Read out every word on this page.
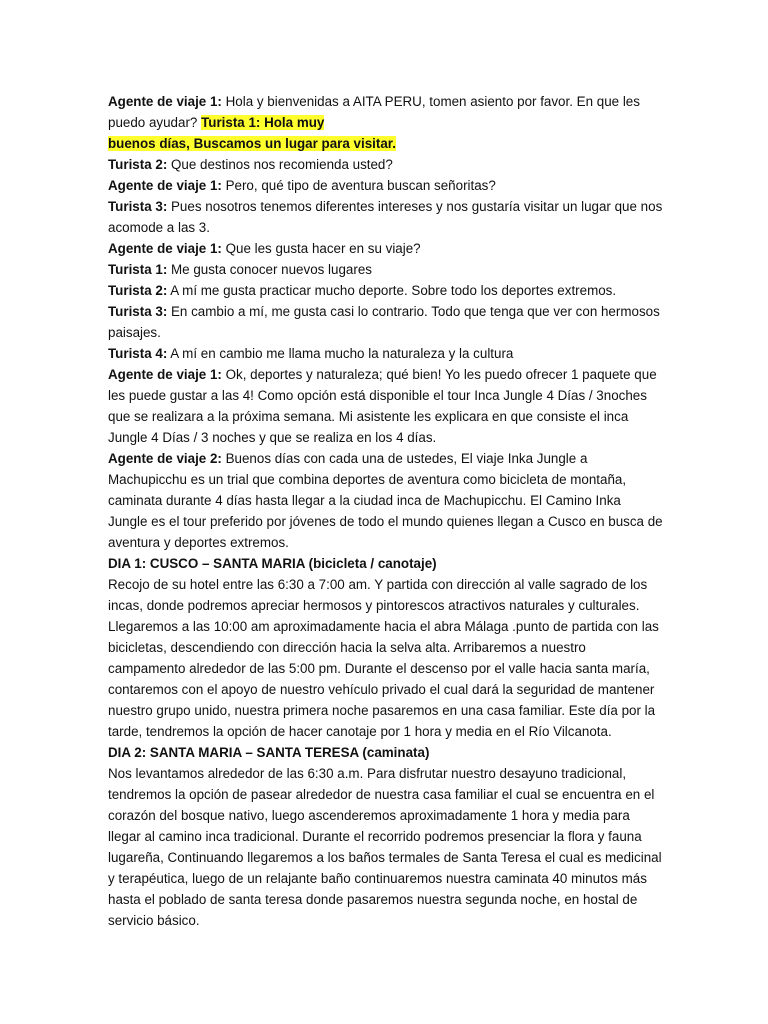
Agente de viaje 1: Hola y bienvenidas a AITA PERU, tomen asiento por favor. En que les puedo ayudar? Turista 1: Hola muy
buenos días, Buscamos un lugar para visitar.

Turista 2: Que destinos nos recomienda usted?

Agente de viaje 1: Pero, qué tipo de aventura buscan señoritas?

Turista 3: Pues nosotros tenemos diferentes intereses y nos gustaría visitar un lugar que nos acomode a las 3.

Agente de viaje 1: Que les gusta hacer en su viaje?

Turista 1: Me gusta conocer nuevos lugares

Turista 2: A mí me gusta practicar mucho deporte. Sobre todo los deportes extremos.

Turista 3: En cambio a mí, me gusta casi lo contrario. Todo que tenga que ver con hermosos paisajes.

Turista 4: A mí en cambio me llama mucho la naturaleza y la cultura

Agente de viaje 1: Ok, deportes y naturaleza; qué bien! Yo les puedo ofrecer 1 paquete que les puede gustar a las 4! Como opción está disponible el tour Inca Jungle 4 Días / 3noches que se realizara a la próxima semana. Mi asistente les explicara en que consiste el inca Jungle 4 Días / 3 noches y que se realiza en los 4 días.

Agente de viaje 2: Buenos días con cada una de ustedes, El viaje Inka Jungle a Machupicchu es un trial que combina deportes de aventura como bicicleta de montaña, caminata durante 4 días hasta llegar a la ciudad inca de Machupicchu. El Camino Inka Jungle es el tour preferido por jóvenes de todo el mundo quienes llegan a Cusco en busca de aventura y deportes extremos.

DIA 1: CUSCO – SANTA MARIA (bicicleta / canotaje)

Recojo de su hotel entre las 6:30 a 7:00 am. Y partida con dirección al valle sagrado de los incas, donde podremos apreciar hermosos y pintorescos atractivos naturales y culturales. Llegaremos a las 10:00 am aproximadamente hacia el abra Málaga .punto de partida con las bicicletas, descendiendo con dirección hacia la selva alta. Arribaremos a nuestro campamento alrededor de las 5:00 pm. Durante el descenso por el valle hacia santa maría, contaremos con el apoyo de nuestro vehículo privado el cual dará la seguridad de mantener nuestro grupo unido, nuestra primera noche pasaremos en una casa familiar. Este día por la tarde, tendremos la opción de hacer canotaje por 1 hora y media en el Río Vilcanota.

DIA 2: SANTA MARIA – SANTA TERESA (caminata)

Nos levantamos alrededor de las 6:30 a.m. Para disfrutar nuestro desayuno tradicional, tendremos la opción de pasear alrededor de nuestra casa familiar el cual se encuentra en el corazón del bosque nativo, luego ascenderemos aproximadamente 1 hora y media para llegar al camino inca tradicional. Durante el recorrido podremos presenciar la flora y fauna lugareña, Continuando llegaremos a los baños termales de Santa Teresa el cual es medicinal y terapéutica, luego de un relajante baño continuaremos nuestra caminata 40 minutos más hasta el poblado de santa teresa donde pasaremos nuestra segunda noche, en hostal de servicio básico.
